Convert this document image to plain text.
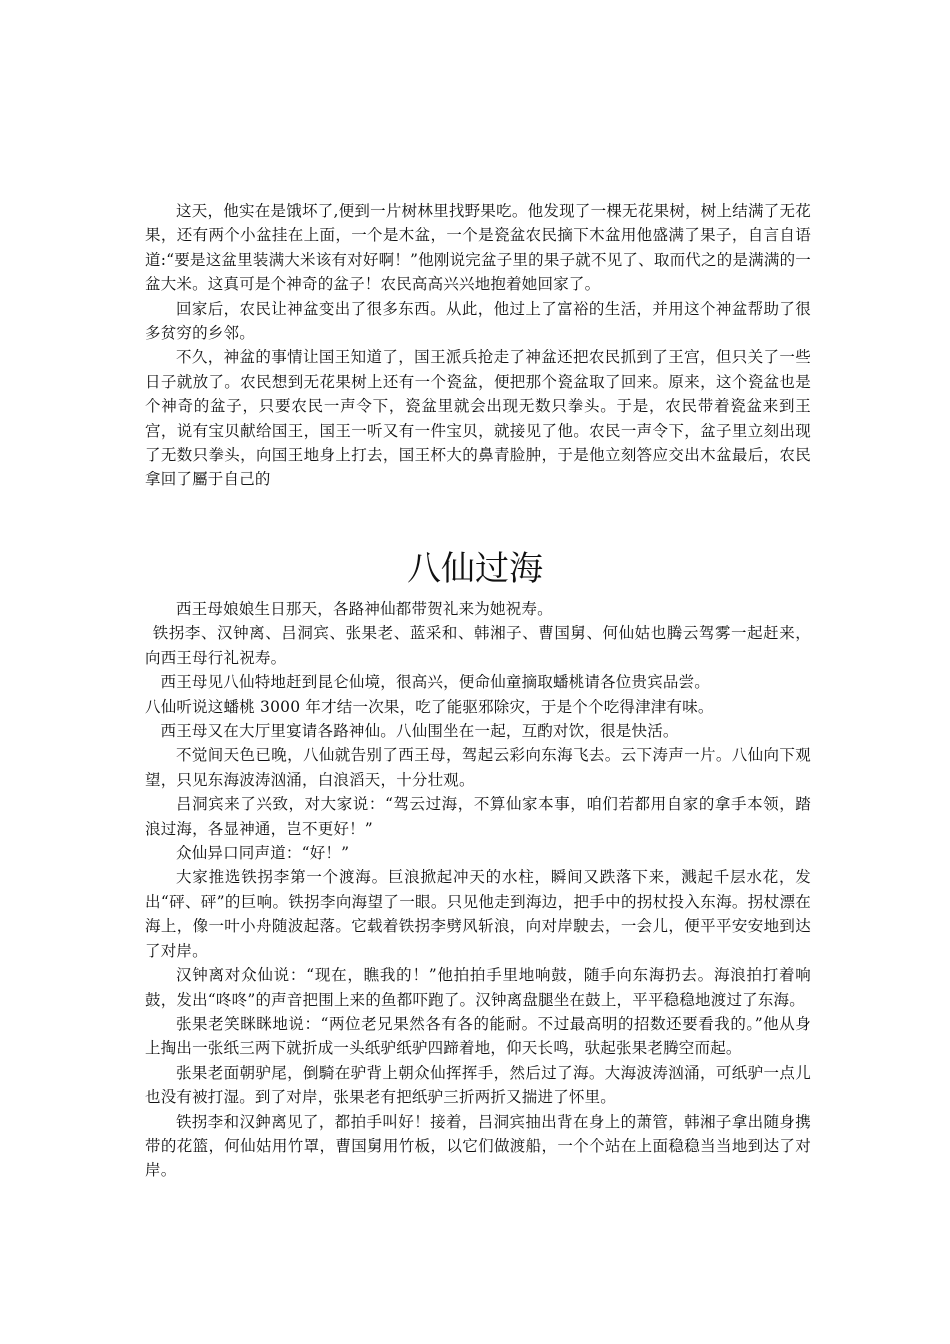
这天，他实在是饿坏了,便到一片树林里找野果吃。他发现了一棵无花果树，树上结满了无花果，还有两个小盆挂在上面，一个是木盆，一个是瓷盆农民摘下木盆用他盛满了果子，自言自语道:“要是这盆里装满大米该有对好啊！”他刚说完盆子里的果子就不见了、取而代之的是满满的一盆大米。这真可是个神奇的盆子！农民高高兴兴地抱着她回家了。

回家后，农民让神盆变出了很多东西。从此，他过上了富裕的生活，并用这个神盆帮助了很多贫穷的乡邻。

不久，神盆的事情让国王知道了，国王派兵抢走了神盆还把农民抓到了王宫，但只关了一些日子就放了。农民想到无花果树上还有一个瓷盆，便把那个瓷盆取了回来。原来，这个瓷盆也是个神奇的盆子，只要农民一声令下，瓷盆里就会出现无数只拳头。于是，农民带着瓷盆来到王宫，说有宝贝献给国王，国王一听又有一件宝贝，就接见了他。农民一声令下，盆子里立刻出现了无数只拳头，向国王地身上打去，国王杯大的鼻青脸肿，于是他立刻答应交出木盆最后，农民拿回了屬于自己的

八仙过海

西王母娘娘生日那天，各路神仙都带贺礼来为她祝寿。

铁拐李、汉钟离、吕洞宾、张果老、蓝采和、韩湘子、曹国舅、何仙姑也腾云驾雾一起赶来，向西王母行礼祝寿。

西王母见八仙特地赶到昆仑仙境，很高兴，便命仙童摘取蟠桃请各位贵宾品尝。

八仙听说这蟠桃 3000 年才结一次果，吃了能驱邪除灾，于是个个吃得津津有味。

西王母又在大厅里宴请各路神仙。八仙围坐在一起，互酌对饮，很是快活。

不觉间天色已晚，八仙就告别了西王母，驾起云彩向东海飞去。云下涛声一片。八仙向下观望，只见东海波涛汹涌，白浪滔天，十分壮观。

吕洞宾来了兴致，对大家说：“驾云过海，不算仙家本事，咱们若都用自家的拿手本领，踏浪过海，各显神通，岂不更好！”

众仙异口同声道：“好！”

大家推选铁拐李第一个渡海。巨浪掀起冲天的水柱，瞬间又跌落下来，溅起千层水花，发出“砰、砰”的巨响。铁拐李向海望了一眼。只见他走到海边，把手中的拐杖投入东海。拐杖漂在海上，像一叶小舟随波起落。它载着铁拐李劈风斩浪，向对岸駛去，一会儿，便平平安安地到达了对岸。

汉钟离对众仙说：“现在，瞧我的！”他拍拍手里地响鼓，随手向东海扔去。海浪拍打着响鼓，发出“咚咚”的声音把围上来的鱼都吓跑了。汉钟离盘腿坐在鼓上，平平稳稳地渡过了东海。

张果老笑眯眯地说：“两位老兄果然各有各的能耐。不过最高明的招数还要看我的。”他从身上掏出一张纸三两下就折成一头纸驴纸驴四蹄着地，仰天长鸣，驮起张果老腾空而起。

张果老面朝驴尾，倒騎在驴背上朝众仙挥挥手，然后过了海。大海波涛汹涌，可纸驴一点儿也没有被打湿。到了对岸，张果老有把纸驴三折两折又揣进了怀里。

铁拐李和汉鈡离见了，都拍手叫好！接着，吕洞宾抽出背在身上的萧管，韩湘子拿出随身携带的花篮，何仙姑用竹罩，曹国舅用竹板，以它们做渡船，一个个站在上面稳稳当当地到达了对岸。
